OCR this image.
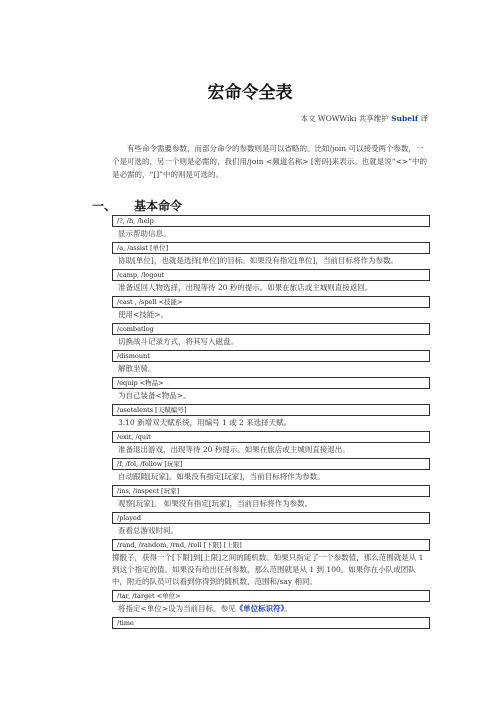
宏命令全表
本文 WOWWiki 共享维护 Subelf 译
有些命令需要参数，而部分命令的参数则是可以省略的。比如/join 可以接受两个参数，一个是可选的，另一个则是必需的，我们用/join <频道名称> [密码]来表示。也就是说“<>”中的是必需的，“[]”中的则是可选的。
一、 基本命令
/?, /h, /help
显示帮助信息。
/a, /assist [单位]
协助[单位]，也就是选择[单位]的目标。如果没有指定[单位]，当前目标将作为参数。
/camp, /logout
准备返回人物选择，出现等待 20 秒的提示。如果在旅店或主城则直接返回。
/cast , /spell <技能>
使用<技能>。
/combatlog
切换战斗记录方式，将其写入磁盘。
/dismount
解散坐骑。
/equip <物品>
为自己装备<物品>。
/usetalents [天赋编号]
3.10 新增双天赋系统，用编号 1 或 2 来选择天赋。
/exit, /quit
准备退出游戏，出现等待 20 秒提示。如果在旅店或主城则直接退出。
/f, /fol, /follow [玩家]
自动跟随[玩家]。如果没有指定[玩家]，当前目标将作为参数。
/ins, /inspect [玩家]
观察[玩家]。 如果没有指定[玩家]，当前目标将作为参数。
/played
查看总游戏时间。
/rand, /random, /rnd, /roll [下限] [上限]
掷骰子，获得一个[下限]到[上限]之间的随机数。如果只指定了一个参数值，那么范围就是从 1 到这个指定的值。如果没有给出任何参数，那么范围就是从 1 到 100。如果你在小队或团队中，附近的队员可以看到你得到的随机数，范围和/say 相同。
/tar, /target <单位>
将指定<单位>设为当前目标。参见《单位标识符》。
/time
